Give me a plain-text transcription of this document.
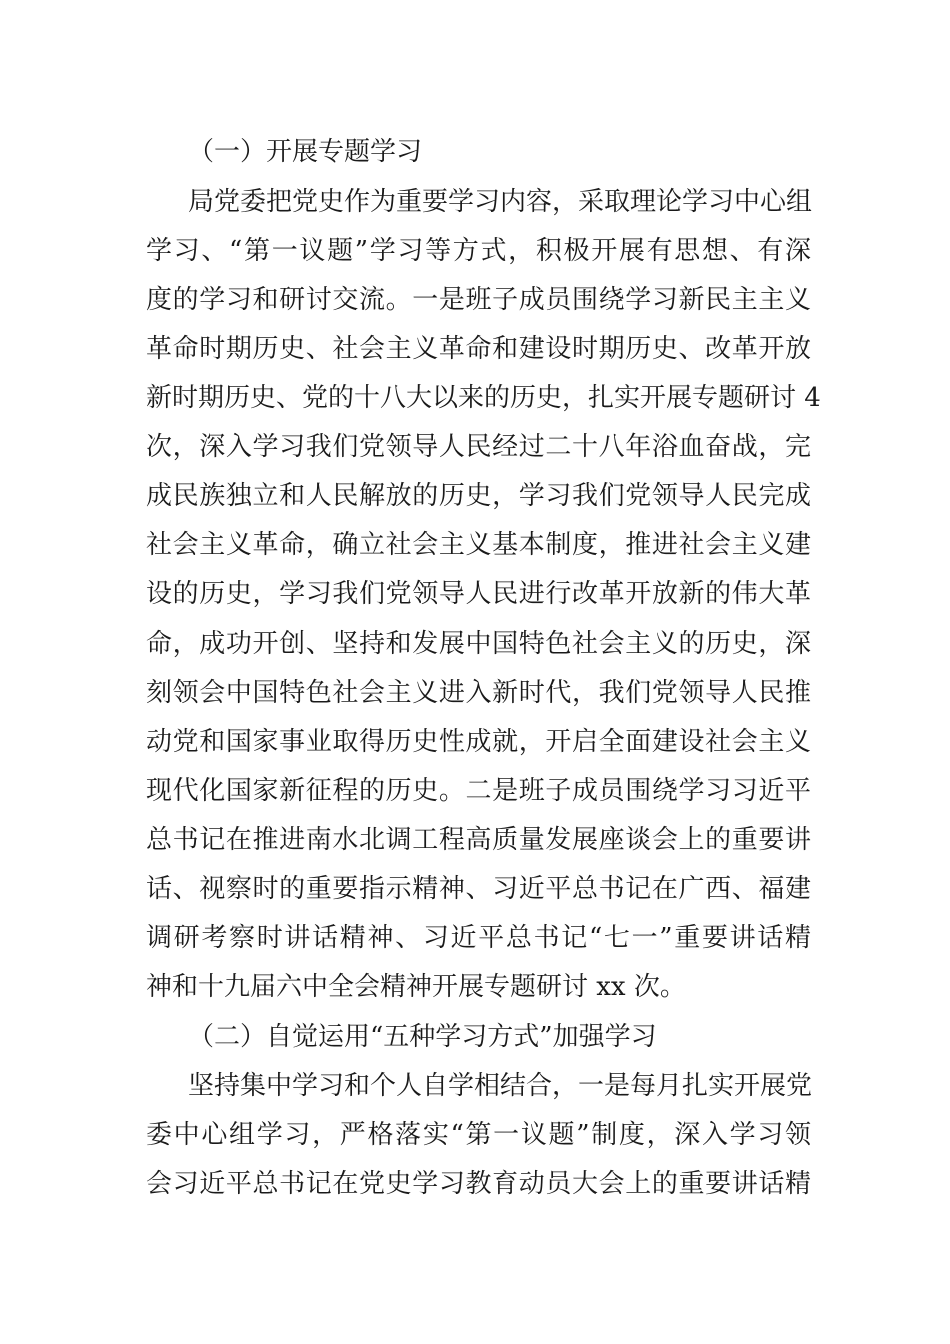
（一）开展专题学习
局党委把党史作为重要学习内容，采取理论学习中心组
学习、“第一议题”学习等方式，积极开展有思想、有深
度的学习和研讨交流。一是班子成员围绕学习新民主主义
革命时期历史、社会主义革命和建设时期历史、改革开放
新时期历史、党的十八大以来的历史，扎实开展专题研讨 4
次，深入学习我们党领导人民经过二十八年浴血奋战，完
成民族独立和人民解放的历史，学习我们党领导人民完成
社会主义革命，确立社会主义基本制度，推进社会主义建
设的历史，学习我们党领导人民进行改革开放新的伟大革
命，成功开创、坚持和发展中国特色社会主义的历史，深
刻领会中国特色社会主义进入新时代，我们党领导人民推
动党和国家事业取得历史性成就，开启全面建设社会主义
现代化国家新征程的历史。二是班子成员围绕学习习近平
总书记在推进南水北调工程高质量发展座谈会上的重要讲
话、视察时的重要指示精神、习近平总书记在广西、福建
调研考察时讲话精神、习近平总书记“七一”重要讲话精
神和十九届六中全会精神开展专题研讨 xx 次。
（二）自觉运用“五种学习方式”加强学习
坚持集中学习和个人自学相结合，一是每月扎实开展党
委中心组学习，严格落实“第一议题”制度，深入学习领
会习近平总书记在党史学习教育动员大会上的重要讲话精
